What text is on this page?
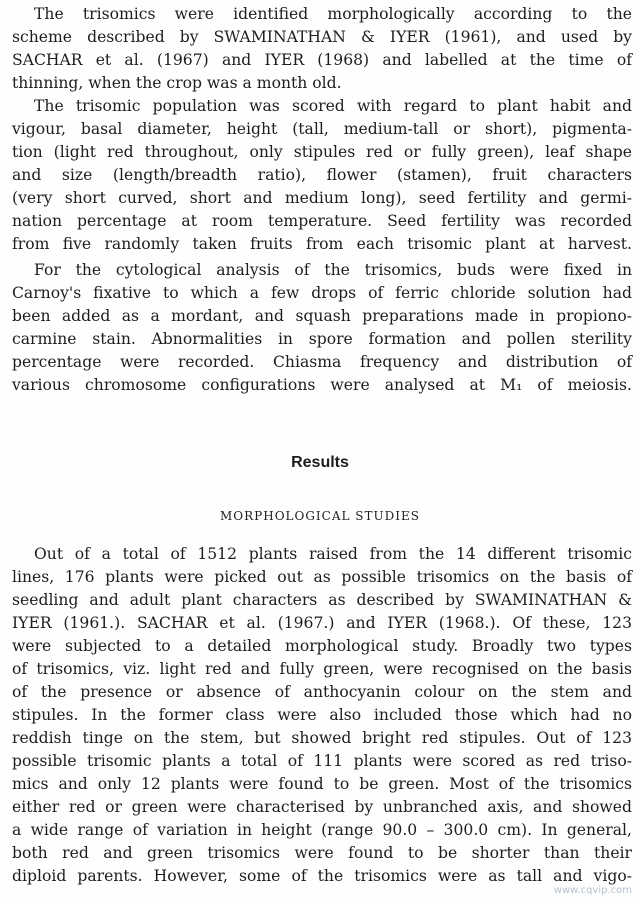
The trisomics were identified morphologically according to the
scheme described by SWAMINATHAN & IYER (1961), and used by
SACHAR et al. (1967) and IYER (1968) and labelled at the time of
thinning, when the crop was a month old.
The trisomic population was scored with regard to plant habit and
vigour, basal diameter, height (tall, medium-tall or short), pigmenta-
tion (light red throughout, only stipules red or fully green), leaf shape
and size (length/breadth ratio), flower (stamen), fruit characters
(very short curved, short and medium long), seed fertility and germi-
nation percentage at room temperature. Seed fertility was recorded
from five randomly taken fruits from each trisomic plant at harvest.
For the cytological analysis of the trisomics, buds were fixed in
Carnoy's fixative to which a few drops of ferric chloride solution had
been added as a mordant, and squash preparations made in propiono-
carmine stain. Abnormalities in spore formation and pollen sterility
percentage were recorded. Chiasma frequency and distribution of
various chromosome configurations were analysed at M₁ of meiosis.
Results
MORPHOLOGICAL STUDIES
Out of a total of 1512 plants raised from the 14 different trisomic
lines, 176 plants were picked out as possible trisomics on the basis of
seedling and adult plant characters as described by SWAMINATHAN &
IYER (1961.). SACHAR et al. (1967.) and IYER (1968.). Of these, 123
were subjected to a detailed morphological study. Broadly two types
of trisomics, viz. light red and fully green, were recognised on the basis
of the presence or absence of anthocyanin colour on the stem and
stipules. In the former class were also included those which had no
reddish tinge on the stem, but showed bright red stipules. Out of 123
possible trisomic plants a total of 111 plants were scored as red triso-
mics and only 12 plants were found to be green. Most of the trisomics
either red or green were characterised by unbranched axis, and showed
a wide range of variation in height (range 90.0 – 300.0 cm). In general,
both red and green trisomics were found to be shorter than their
diploid parents. However, some of the trisomics were as tall and vigo-
www.cqvip.com
